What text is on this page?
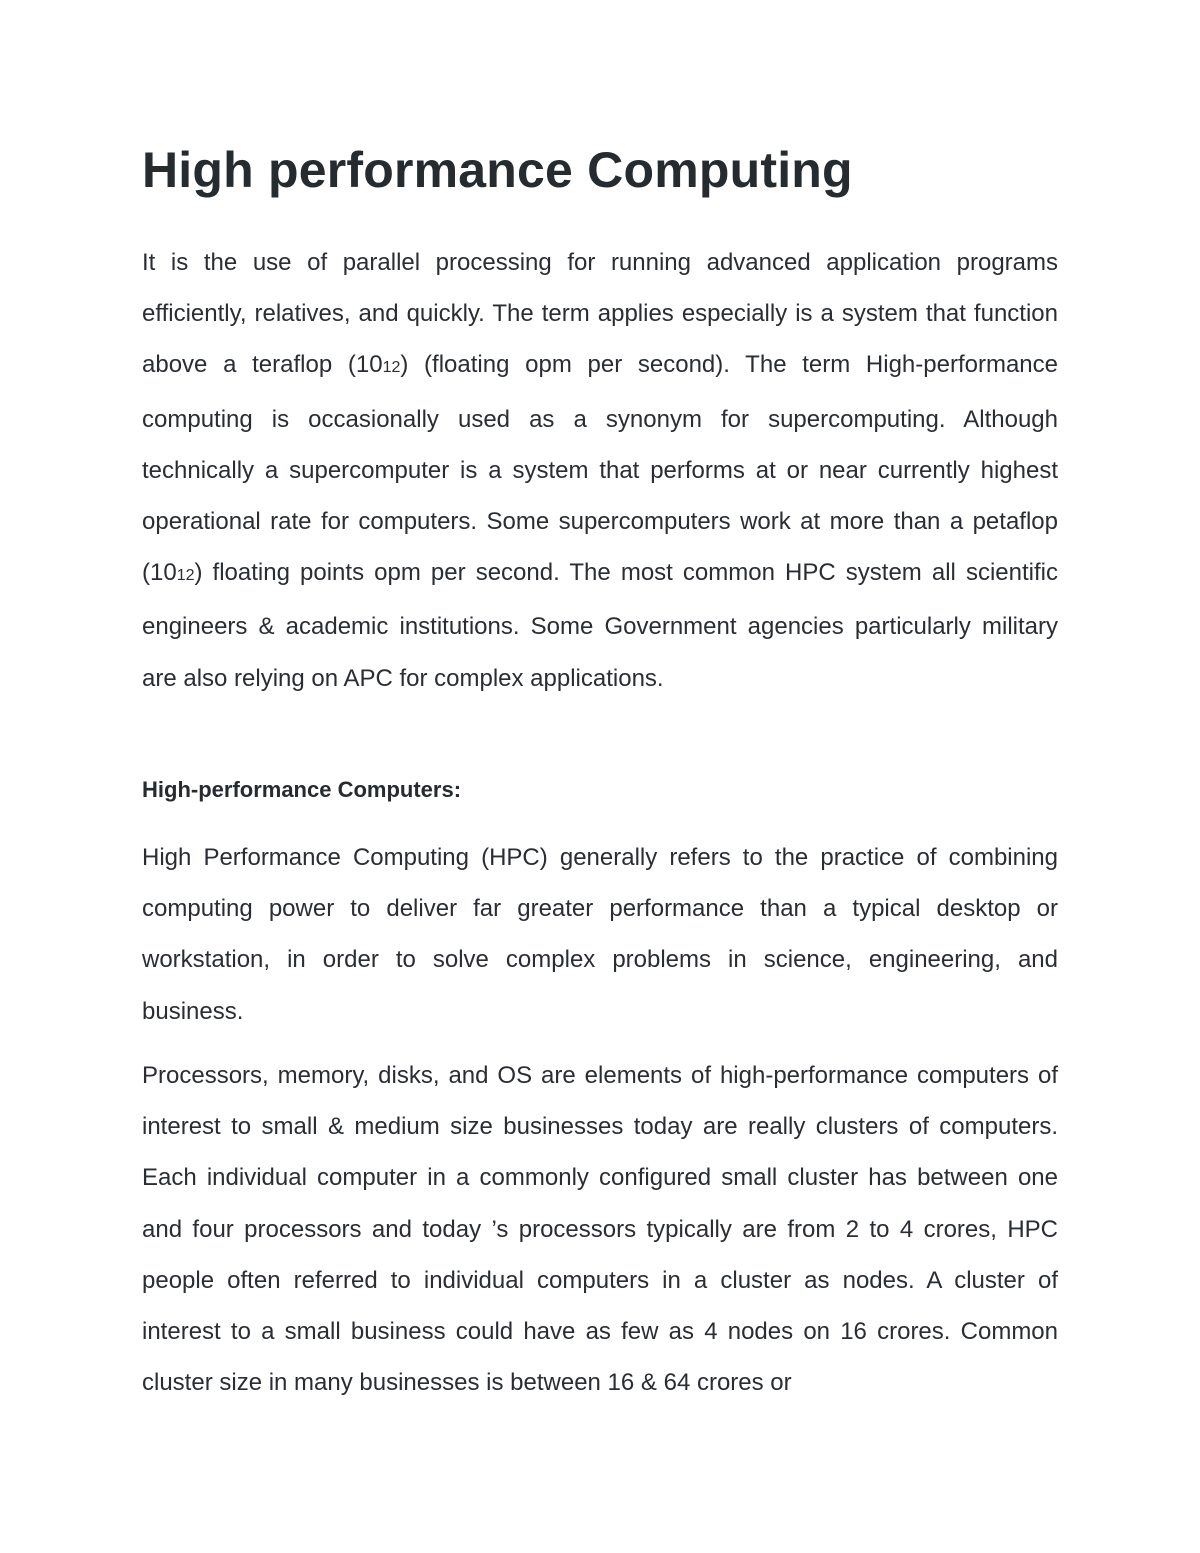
High performance Computing

It is the use of parallel processing for running advanced application programs efficiently, relatives, and quickly. The term applies especially is a system that function above a teraflop (1012) (floating opm per second). The term High-performance computing is occasionally used as a synonym for supercomputing. Although technically a supercomputer is a system that performs at or near currently highest operational rate for computers. Some supercomputers work at more than a petaflop (1012) floating points opm per second. The most common HPC system all scientific engineers & academic institutions. Some Government agencies particularly military are also relying on APC for complex applications.

High-performance Computers:

High Performance Computing (HPC) generally refers to the practice of combining computing power to deliver far greater performance than a typical desktop or workstation, in order to solve complex problems in science, engineering, and business.

Processors, memory, disks, and OS are elements of high-performance computers of interest to small & medium size businesses today are really clusters of computers. Each individual computer in a commonly configured small cluster has between one and four processors and today ’s processors typically are from 2 to 4 crores, HPC people often referred to individual computers in a cluster as nodes. A cluster of interest to a small business could have as few as 4 nodes on 16 crores. Common cluster size in many businesses is between 16 & 64 crores or
